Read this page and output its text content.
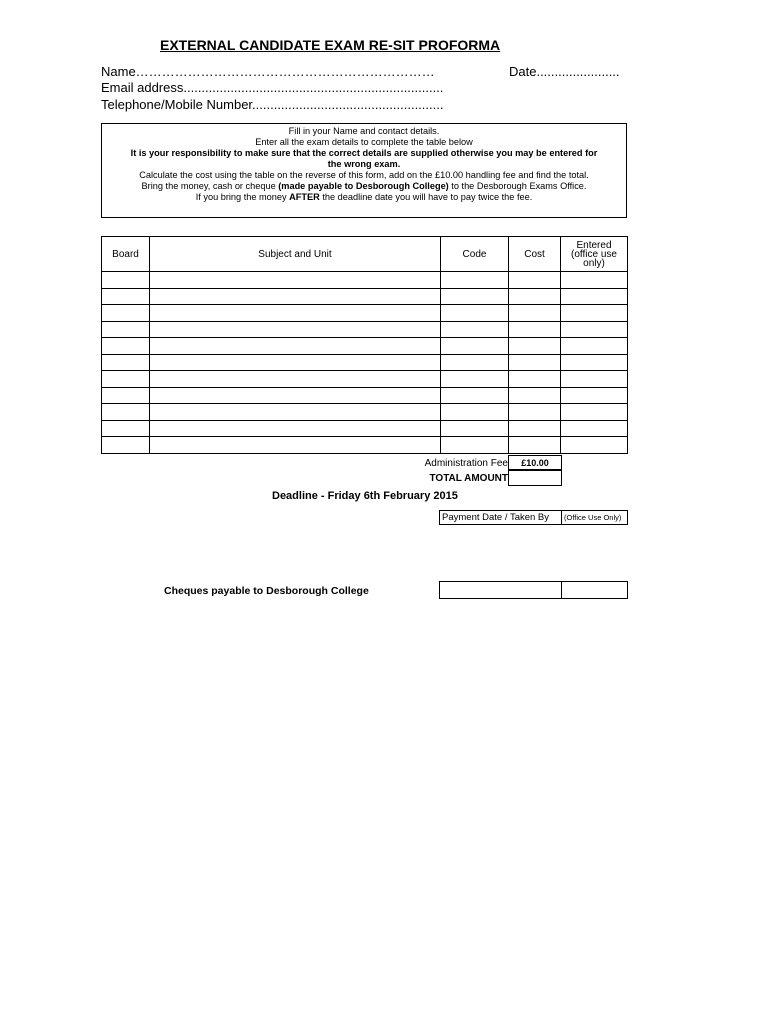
EXTERNAL CANDIDATE EXAM RE-SIT PROFORMA
Name……………………………………………………………	Date.......................
Email address........................................................................
Telephone/Mobile Number.....................................................
Fill in your Name and contact details.
Enter all the exam details to complete the table below
It is your responsibility to make sure that the correct details are supplied otherwise you may be entered for
the wrong exam.
Calculate the cost using the table on the reverse of this form, add on the £10.00 handling fee and find the total.
Bring the money, cash or cheque (made payable to Desborough College) to the Desborough Exams Office.
If you bring the money AFTER the deadline date you will have to pay twice the fee.
Board	Subject and Unit	Code	Cost	Entered
(office use only)

Administration Fee	£10.00
TOTAL AMOUNT
Deadline - Friday 6th February 2015
Payment Date / Taken By	(Office Use Only)
Cheques payable to Desborough College
